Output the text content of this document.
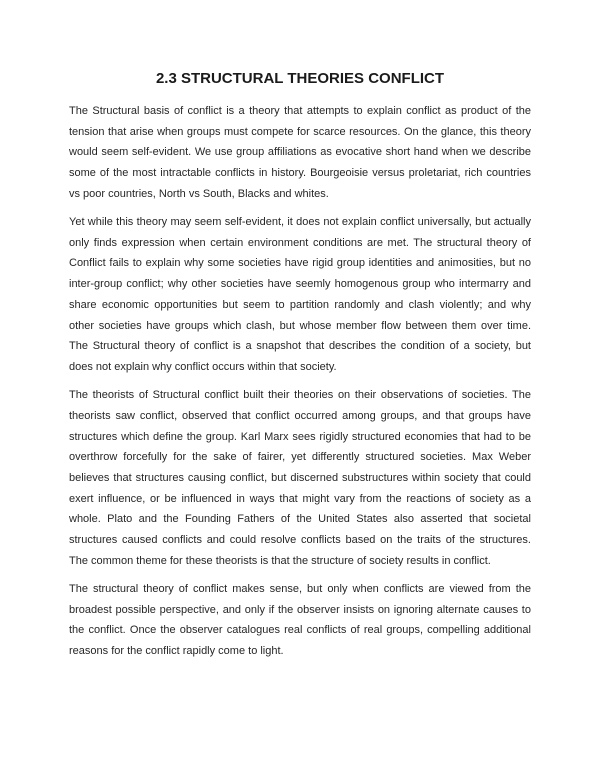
2.3 STRUCTURAL THEORIES CONFLICT

The Structural basis of conflict is a theory that attempts to explain conflict as product of the tension that arise when groups must compete for scarce resources. On the glance, this theory would seem self-evident. We use group affiliations as evocative short hand when we describe some of the most intractable conflicts in history. Bourgeoisie versus proletariat, rich countries vs poor countries, North vs South, Blacks and whites.

Yet while this theory may seem self-evident, it does not explain conflict universally, but actually only finds expression when certain environment conditions are met. The structural theory of Conflict fails to explain why some societies have rigid group identities and animosities, but no inter-group conflict; why other societies have seemly homogenous group who intermarry and share economic opportunities but seem to partition randomly and clash violently; and why other societies have groups which clash, but whose member flow between them over time. The Structural theory of conflict is a snapshot that describes the condition of a society, but does not explain why conflict occurs within that society.

The theorists of Structural conflict built their theories on their observations of societies. The theorists saw conflict, observed that conflict occurred among groups, and that groups have structures which define the group. Karl Marx sees rigidly structured economies that had to be overthrow forcefully for the sake of fairer, yet differently structured societies. Max Weber believes that structures causing conflict, but discerned substructures within society that could exert influence, or be influenced in ways that might vary from the reactions of society as a whole. Plato and the Founding Fathers of the United States also asserted that societal structures caused conflicts and could resolve conflicts based on the traits of the structures. The common theme for these theorists is that the structure of society results in conflict.

The structural theory of conflict makes sense, but only when conflicts are viewed from the broadest possible perspective, and only if the observer insists on ignoring alternate causes to the conflict. Once the observer catalogues real conflicts of real groups, compelling additional reasons for the conflict rapidly come to light.
